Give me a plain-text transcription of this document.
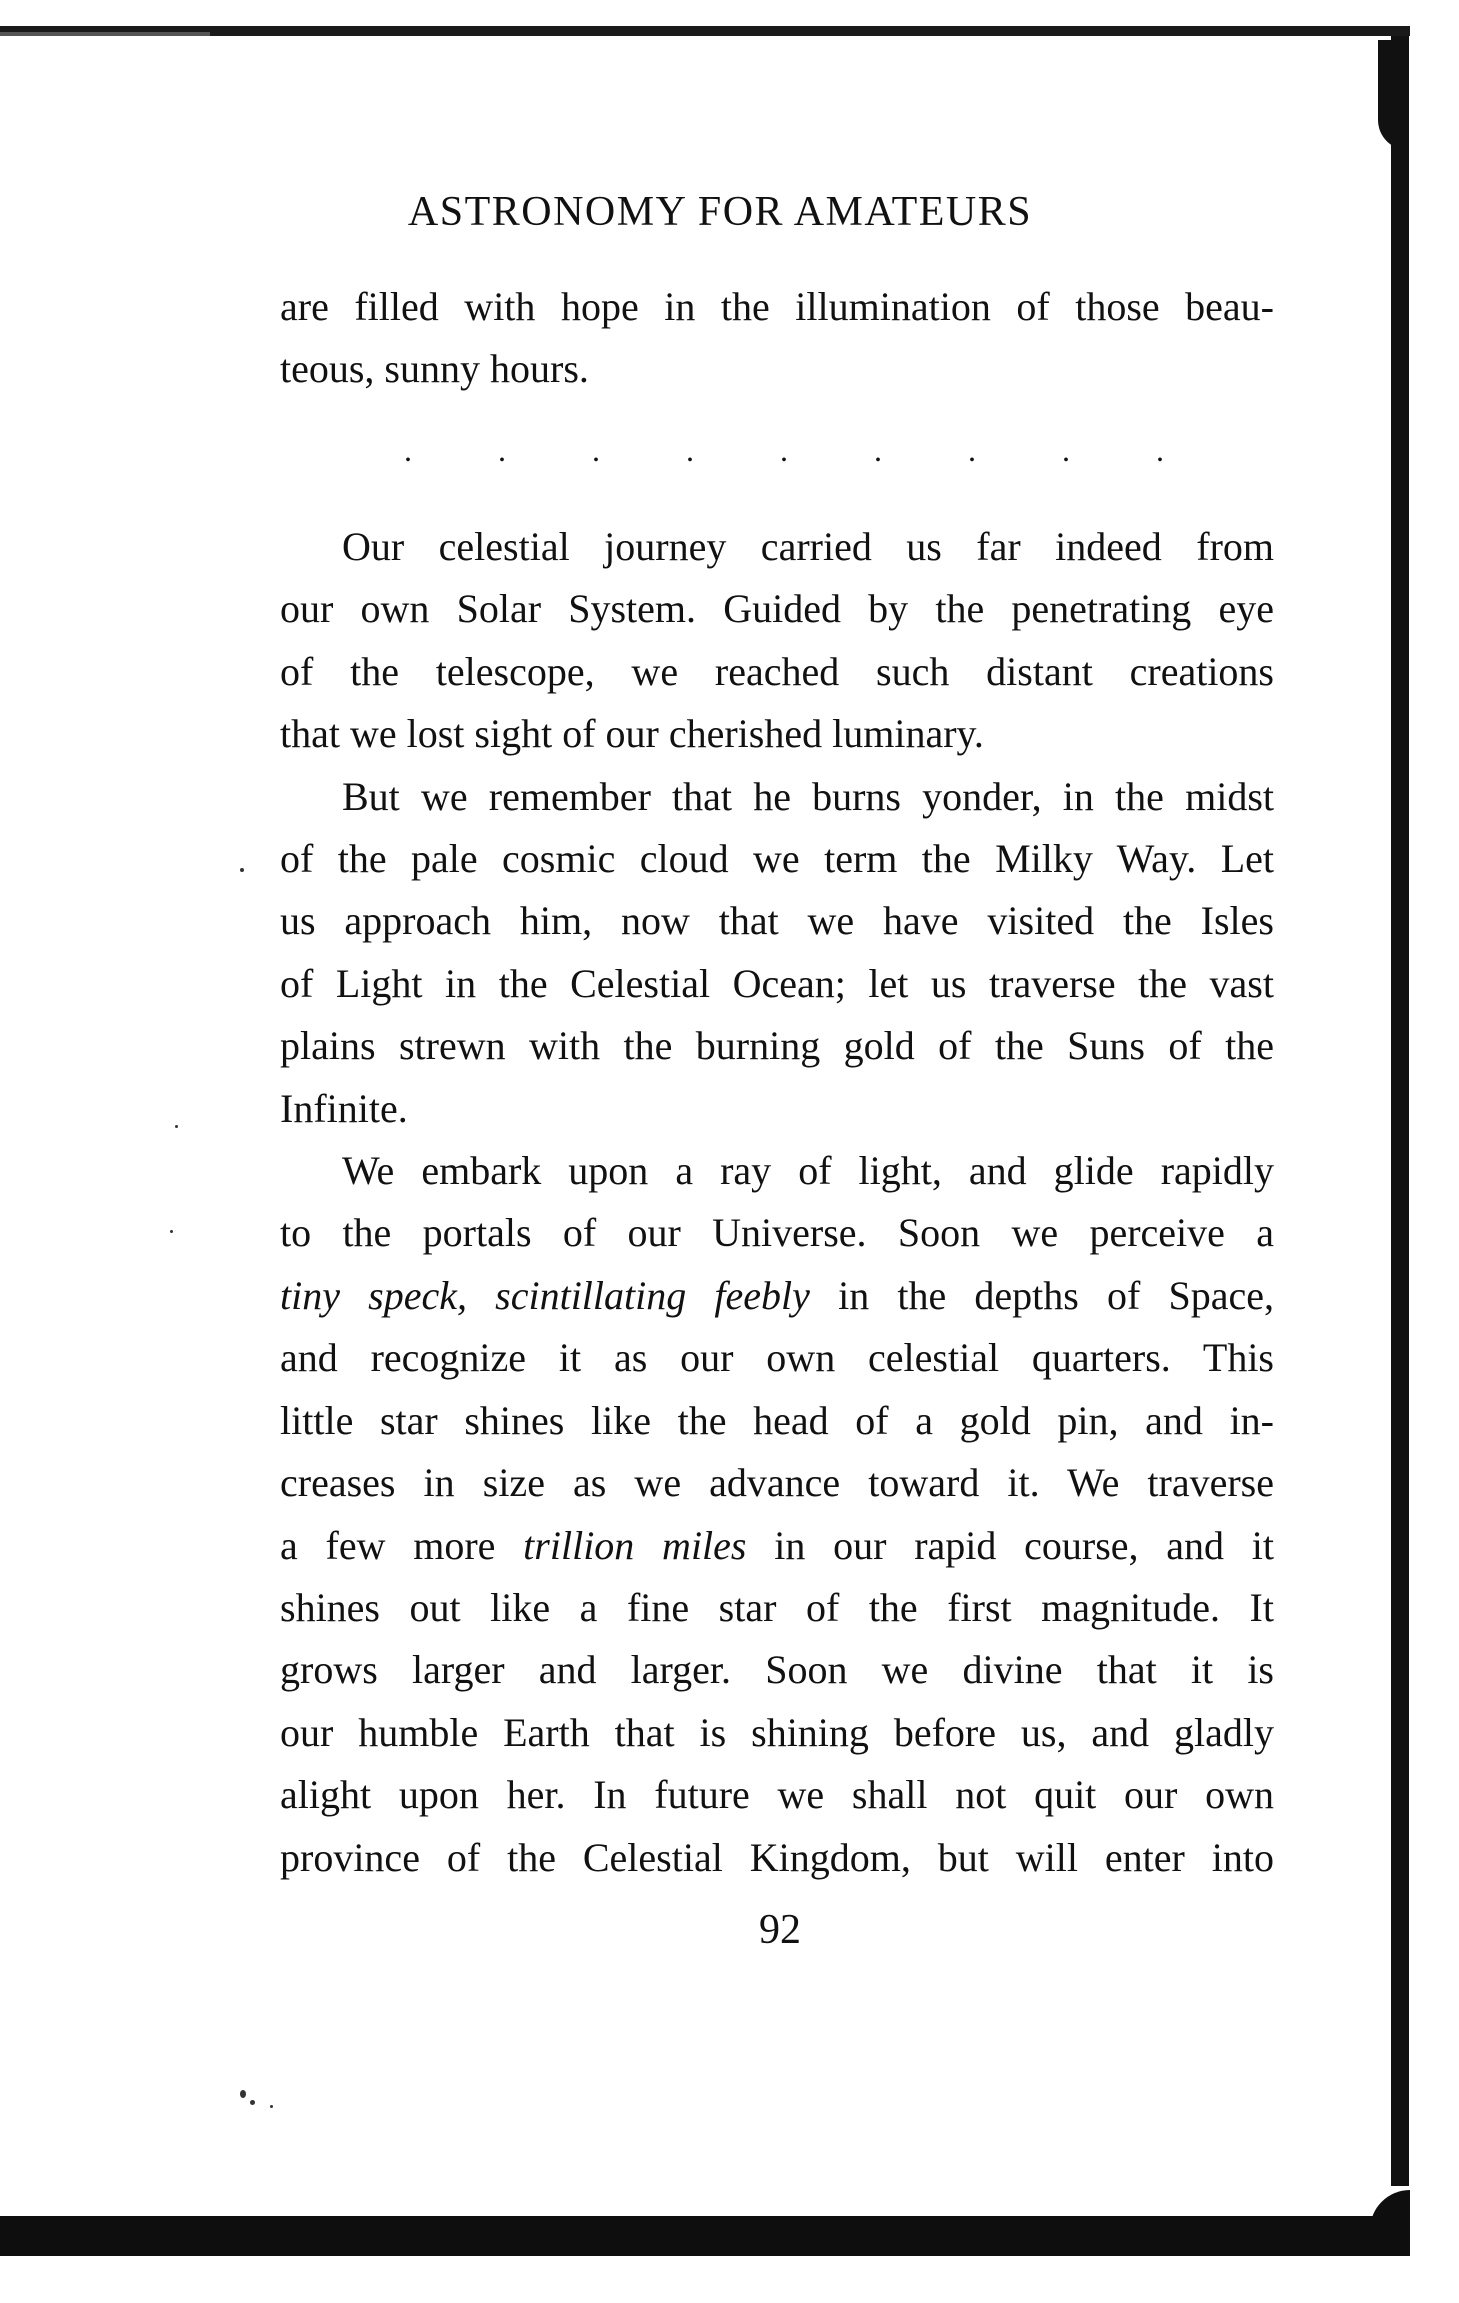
ASTRONOMY FOR AMATEURS
are filled with hope in the illumination of those beau-
teous, sunny hours.
.	.	.	.	.	.	.	.	.
Our celestial journey carried us far indeed from
our own Solar System. Guided by the penetrating eye
of the telescope, we reached such distant creations
that we lost sight of our cherished luminary.
But we remember that he burns yonder, in the midst
of the pale cosmic cloud we term the Milky Way. Let
us approach him, now that we have visited the Isles
of Light in the Celestial Ocean; let us traverse the vast
plains strewn with the burning gold of the Suns of the
Infinite.
We embark upon a ray of light, and glide rapidly
to the portals of our Universe. Soon we perceive a
tiny speck, scintillating feebly in the depths of Space,
and recognize it as our own celestial quarters. This
little star shines like the head of a gold pin, and in-
creases in size as we advance toward it. We traverse
a few more trillion miles in our rapid course, and it
shines out like a fine star of the first magnitude. It
grows larger and larger. Soon we divine that it is
our humble Earth that is shining before us, and gladly
alight upon her. In future we shall not quit our own
province of the Celestial Kingdom, but will enter into
92
